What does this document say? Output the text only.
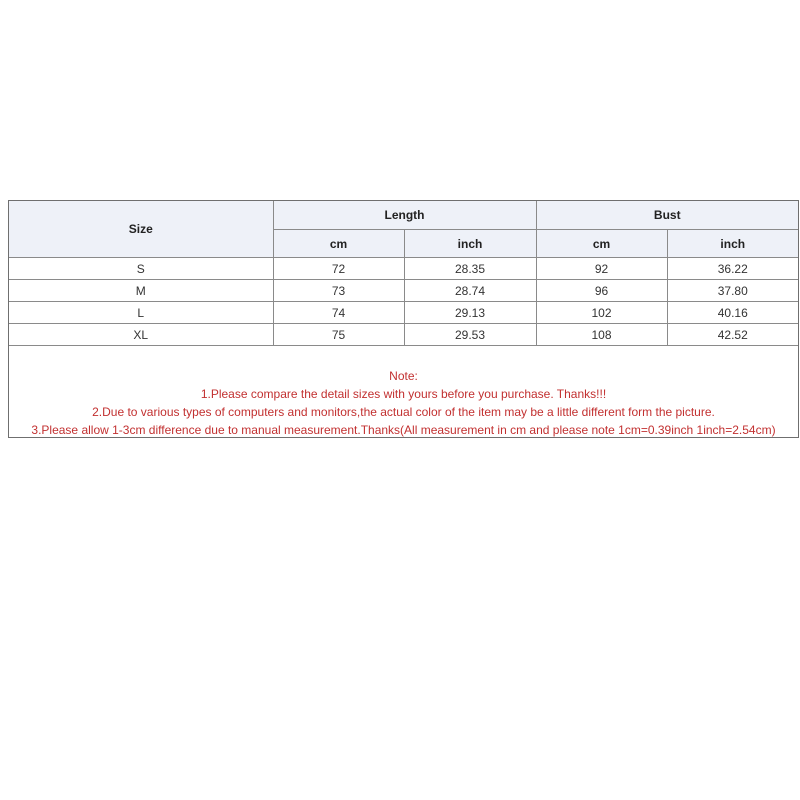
Size	Length		Bust	
	cm	inch	cm	inch
S	72	28.35	92	36.22
M	73	28.74	96	37.80
L	74	29.13	102	40.16
XL	75	29.53	108	42.52
Note:
1.Please compare the detail sizes with yours before you purchase. Thanks!!!
2.Due to various types of computers and monitors,the actual color of the item may be a little different form the picture.
3.Please allow 1-3cm difference due to manual measurement.Thanks(All measurement in cm and please note 1cm=0.39inch 1inch=2.54cm)
